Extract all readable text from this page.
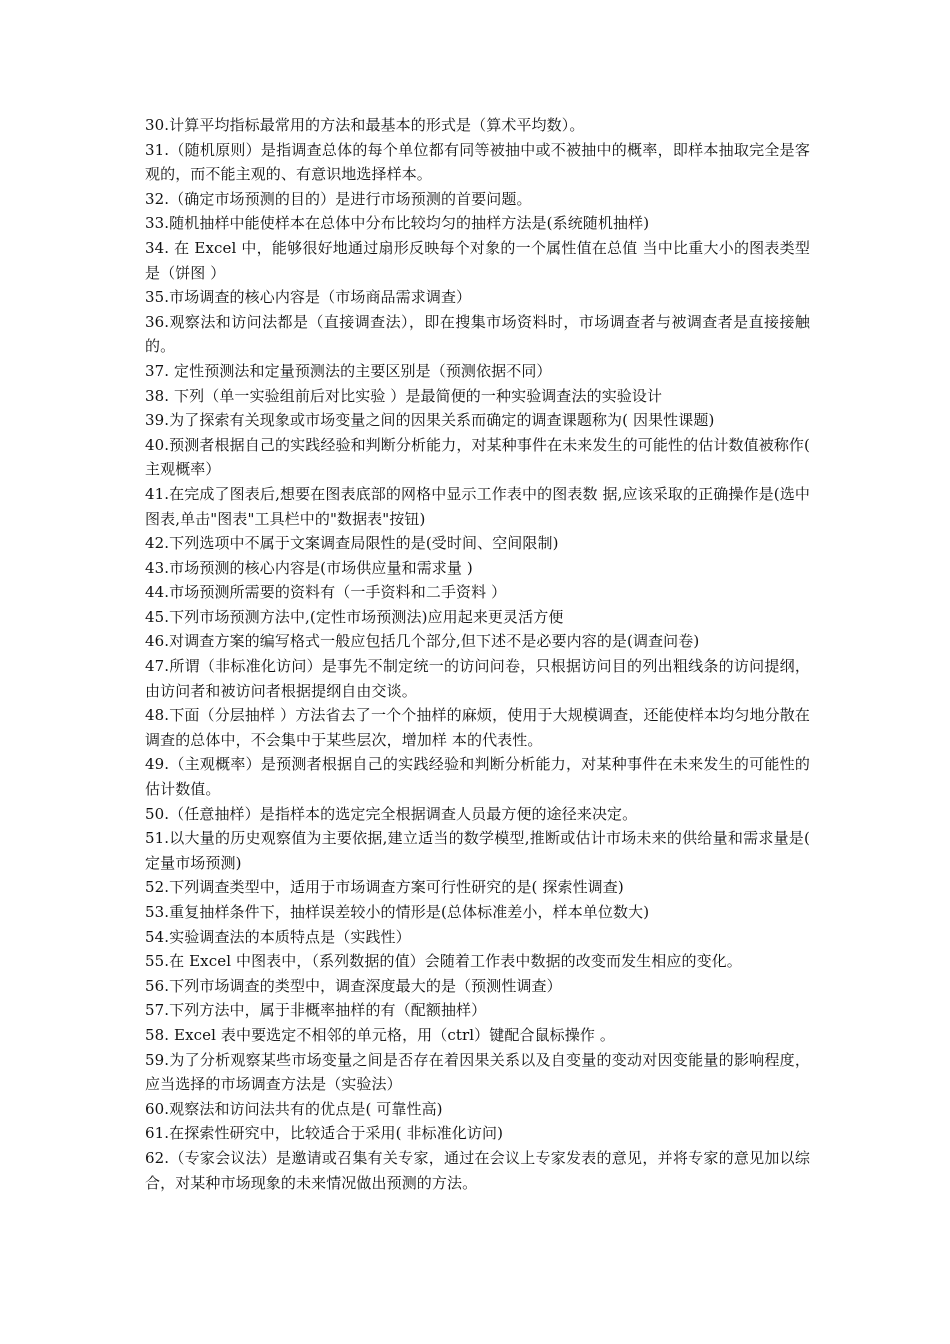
30.计算平均指标最常用的方法和最基本的形式是（算术平均数）。

31.（随机原则）是指调查总体的每个单位都有同等被抽中或不被抽中的概率，即样本抽取完全是客观的，而不能主观的、有意识地选择样本。

32.（确定市场预测的目的）是进行市场预测的首要问题。

33.随机抽样中能使样本在总体中分布比较均匀的抽样方法是(系统随机抽样)

34. 在 Excel 中，能够很好地通过扇形反映每个对象的一个属性值在总值 当中比重大小的图表类型是（饼图 ）

35.市场调查的核心内容是（市场商品需求调查）

36.观察法和访问法都是（直接调查法），即在搜集市场资料时，市场调查者与被调查者是直接接触的。

37. 定性预测法和定量预测法的主要区别是（预测依据不同）

38. 下列（单一实验组前后对比实验 ）是最简便的一种实验调查法的实验设计

39.为了探索有关现象或市场变量之间的因果关系而确定的调查课题称为( 因果性课题)

40.预测者根据自己的实践经验和判断分析能力，对某种事件在未来发生的可能性的估计数值被称作( 主观概率）

41.在完成了图表后,想要在图表底部的网格中显示工作表中的图表数 据,应该采取的正确操作是(选中图表,单击"图表"工具栏中的"数据表"按钮)

42.下列选项中不属于文案调查局限性的是(受时间、空间限制)

43.市场预测的核心内容是(市场供应量和需求量 )

44.市场预测所需要的资料有（一手资料和二手资料 ）

45.下列市场预测方法中,(定性市场预测法)应用起来更灵活方便

46.对调查方案的编写格式一般应包括几个部分,但下述不是必要内容的是(调查问卷)

47.所谓（非标准化访问）是事先不制定统一的访问问卷，只根据访问目的列出粗线条的访问提纲，由访问者和被访问者根据提纲自由交谈。

48.下面（分层抽样 ）方法省去了一个个抽样的麻烦，使用于大规模调查，还能使样本均匀地分散在调查的总体中，不会集中于某些层次，增加样 本的代表性。

49.（主观概率）是预测者根据自己的实践经验和判断分析能力，对某种事件在未来发生的可能性的估计数值。

50.（任意抽样）是指样本的选定完全根据调查人员最方便的途径来决定。

51.以大量的历史观察值为主要依据,建立适当的数学模型,推断或估计市场未来的供给量和需求量是( 定量市场预测)

52.下列调查类型中，适用于市场调查方案可行性研究的是( 探索性调查)

53.重复抽样条件下，抽样误差较小的情形是(总体标准差小，样本单位数大)

54.实验调查法的本质特点是（实践性）

55.在 Excel 中图表中，（系列数据的值）会随着工作表中数据的改变而发生相应的变化。

56.下列市场调查的类型中，调查深度最大的是（预测性调查）

57.下列方法中，属于非概率抽样的有（配额抽样）

58. Excel 表中要选定不相邻的单元格，用（ctrl）键配合鼠标操作 。

59.为了分析观察某些市场变量之间是否存在着因果关系以及自变量的变动对因变能量的影响程度，应当选择的市场调查方法是（实验法）

60.观察法和访问法共有的优点是( 可靠性高)

61.在探索性研究中，比较适合于采用( 非标准化访问)

62.（专家会议法）是邀请或召集有关专家，通过在会议上专家发表的意见，并将专家的意见加以综合，对某种市场现象的未来情况做出预测的方法。
